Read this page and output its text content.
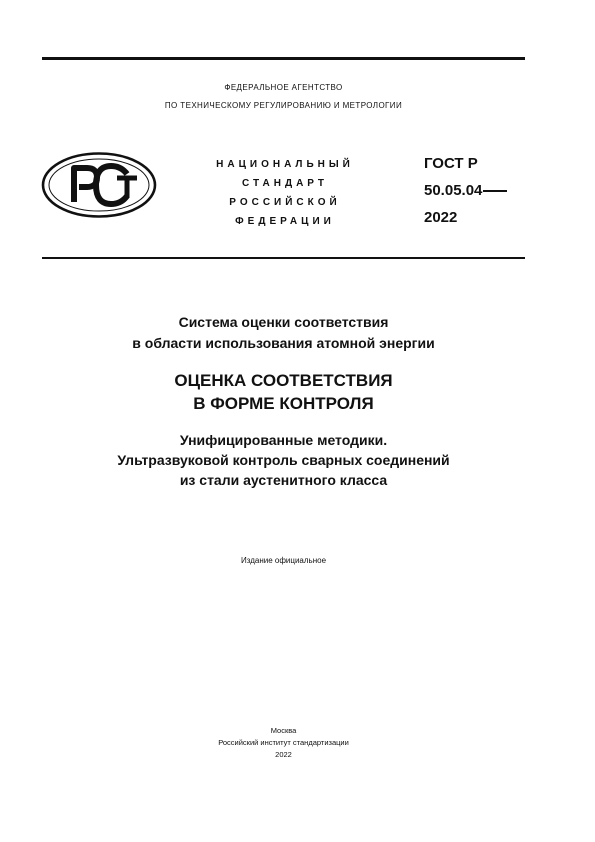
ФЕДЕРАЛЬНОЕ АГЕНТСТВО
ПО ТЕХНИЧЕСКОМУ РЕГУЛИРОВАНИЮ И МЕТРОЛОГИИ
НАЦИОНАЛЬНЫЙ
СТАНДАРТ
РОССИЙСКОЙ
ФЕДЕРАЦИИ
ГОСТ Р
50.05.04
2022
Система оценки соответствия
в области использования атомной энергии
ОЦЕНКА СООТВЕТСТВИЯ
В ФОРМЕ КОНТРОЛЯ
Унифицированные методики.
Ультразвуковой контроль сварных соединений
из стали аустенитного класса
Издание официальное
Москва
Российский институт стандартизации
2022
